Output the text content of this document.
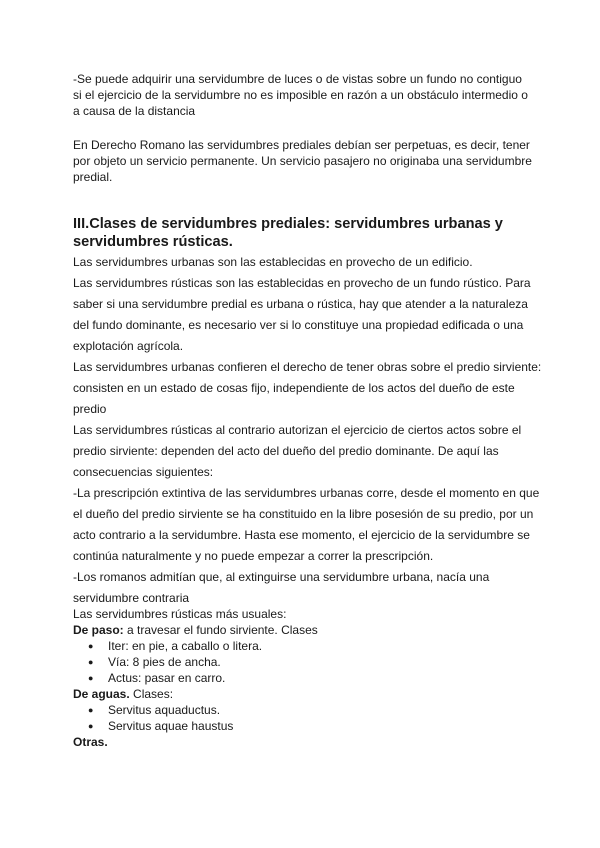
-Se puede adquirir una servidumbre de luces o de vistas sobre un fundo no contiguo si el ejercicio de la servidumbre no es imposible en razón a un obstáculo intermedio o a causa de la distancia
En Derecho Romano las servidumbres prediales debían ser perpetuas, es decir, tener por objeto un servicio permanente. Un servicio pasajero no originaba una servidumbre predial.
III.Clases de servidumbres prediales: servidumbres urbanas y servidumbres rústicas.

Las servidumbres urbanas son las establecidas en provecho de un edificio.

Las servidumbres rústicas son las establecidas en provecho de un fundo rústico. Para saber si una servidumbre predial es urbana o rústica, hay que atender a la naturaleza del fundo dominante, es necesario ver si lo constituye una propiedad edificada o una explotación agrícola.

Las servidumbres urbanas confieren el derecho de tener obras sobre el predio sirviente: consisten en un estado de cosas fijo, independiente de los actos del dueño de este predio

Las servidumbres rústicas al contrario autorizan el ejercicio de ciertos actos sobre el predio sirviente: dependen del acto del dueño del predio dominante. De aquí las consecuencias siguientes:

-La prescripción extintiva de las servidumbres urbanas corre, desde el momento en que el dueño del predio sirviente se ha constituido en la libre posesión de su predio, por un acto contrario a la servidumbre. Hasta ese momento, el ejercicio de la servidumbre se continúa naturalmente y no puede empezar a correr la prescripción.

-Los romanos admitían que, al extinguirse una servidumbre urbana, nacía una servidumbre contraria

Las servidumbres rústicas más usuales:
De paso: a travesar el fundo sirviente. Clases
● Iter: en pie, a caballo o litera.
● Vía: 8 pies de ancha.
● Actus: pasar en carro.
De aguas. Clases:
● Servitus aquaductus.
● Servitus aquae haustus
Otras.
